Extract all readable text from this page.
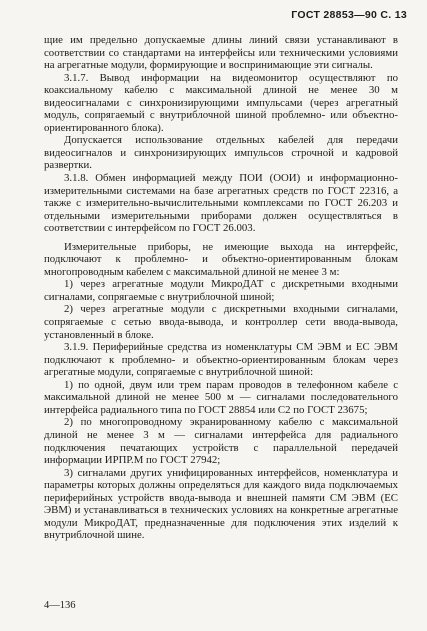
ГОСТ 28853—90 С. 13

щие им предельно допускаемые длины линий связи устанавливают в соответствии со стандартами на интерфейсы или техническими условиями на агрегатные модули, формирующие и воспринимающие эти сигналы.

3.1.7. Вывод информации на видеомонитор осуществляют по коаксиальному кабелю с максимальной длиной не менее 30 м видеосигналами с синхронизирующими импульсами (через агрегатный модуль, сопрягаемый с внутриблочной шиной проблемно- или объектно-ориентированного блока).

Допускается использование отдельных кабелей для передачи видеосигналов и синхронизирующих импульсов строчной и кадровой развертки.

3.1.8. Обмен информацией между ПОИ (ООИ) и информационно-измерительными системами на базе агрегатных средств по ГОСТ 22316, а также с измерительно-вычислительными комплексами по ГОСТ 26.203 и отдельными измерительными приборами должен осуществляться в соответствии с интерфейсом по ГОСТ 26.003.

Измерительные приборы, не имеющие выхода на интерфейс, подключают к проблемно- и объектно-ориентированным блокам многопроводным кабелем с максимальной длиной не менее 3 м:

1) через агрегатные модули МикроДАТ с дискретными входными сигналами, сопрягаемые с внутриблочной шиной;

2) через агрегатные модули с дискретными входными сигналами, сопрягаемые с сетью ввода-вывода, и контроллер сети ввода-вывода, установленный в блоке.

3.1.9. Периферийные средства из номенклатуры СМ ЭВМ и ЕС ЭВМ подключают к проблемно- и объектно-ориентированным блокам через агрегатные модули, сопрягаемые с внутриблочной шиной:

1) по одной, двум или трем парам проводов в телефонном кабеле с максимальной длиной не менее 500 м — сигналами последовательного интерфейса радиального типа по ГОСТ 28854 или С2 по ГОСТ 23675;

2) по многопроводному экранированному кабелю с максимальной длиной не менее 3 м — сигналами интерфейса для радиального подключения печатающих устройств с параллельной передачей информации ИРПР.М по ГОСТ 27942;

3) сигналами других унифицированных интерфейсов, номенклатура и параметры которых должны определяться для каждого вида подключаемых периферийных устройств ввода-вывода и внешней памяти СМ ЭВМ (ЕС ЭВМ) и устанавливаться в технических условиях на конкретные агрегатные модули МикроДАТ, предназначенные для подключения этих изделий к внутриблочной шине.

4—136
